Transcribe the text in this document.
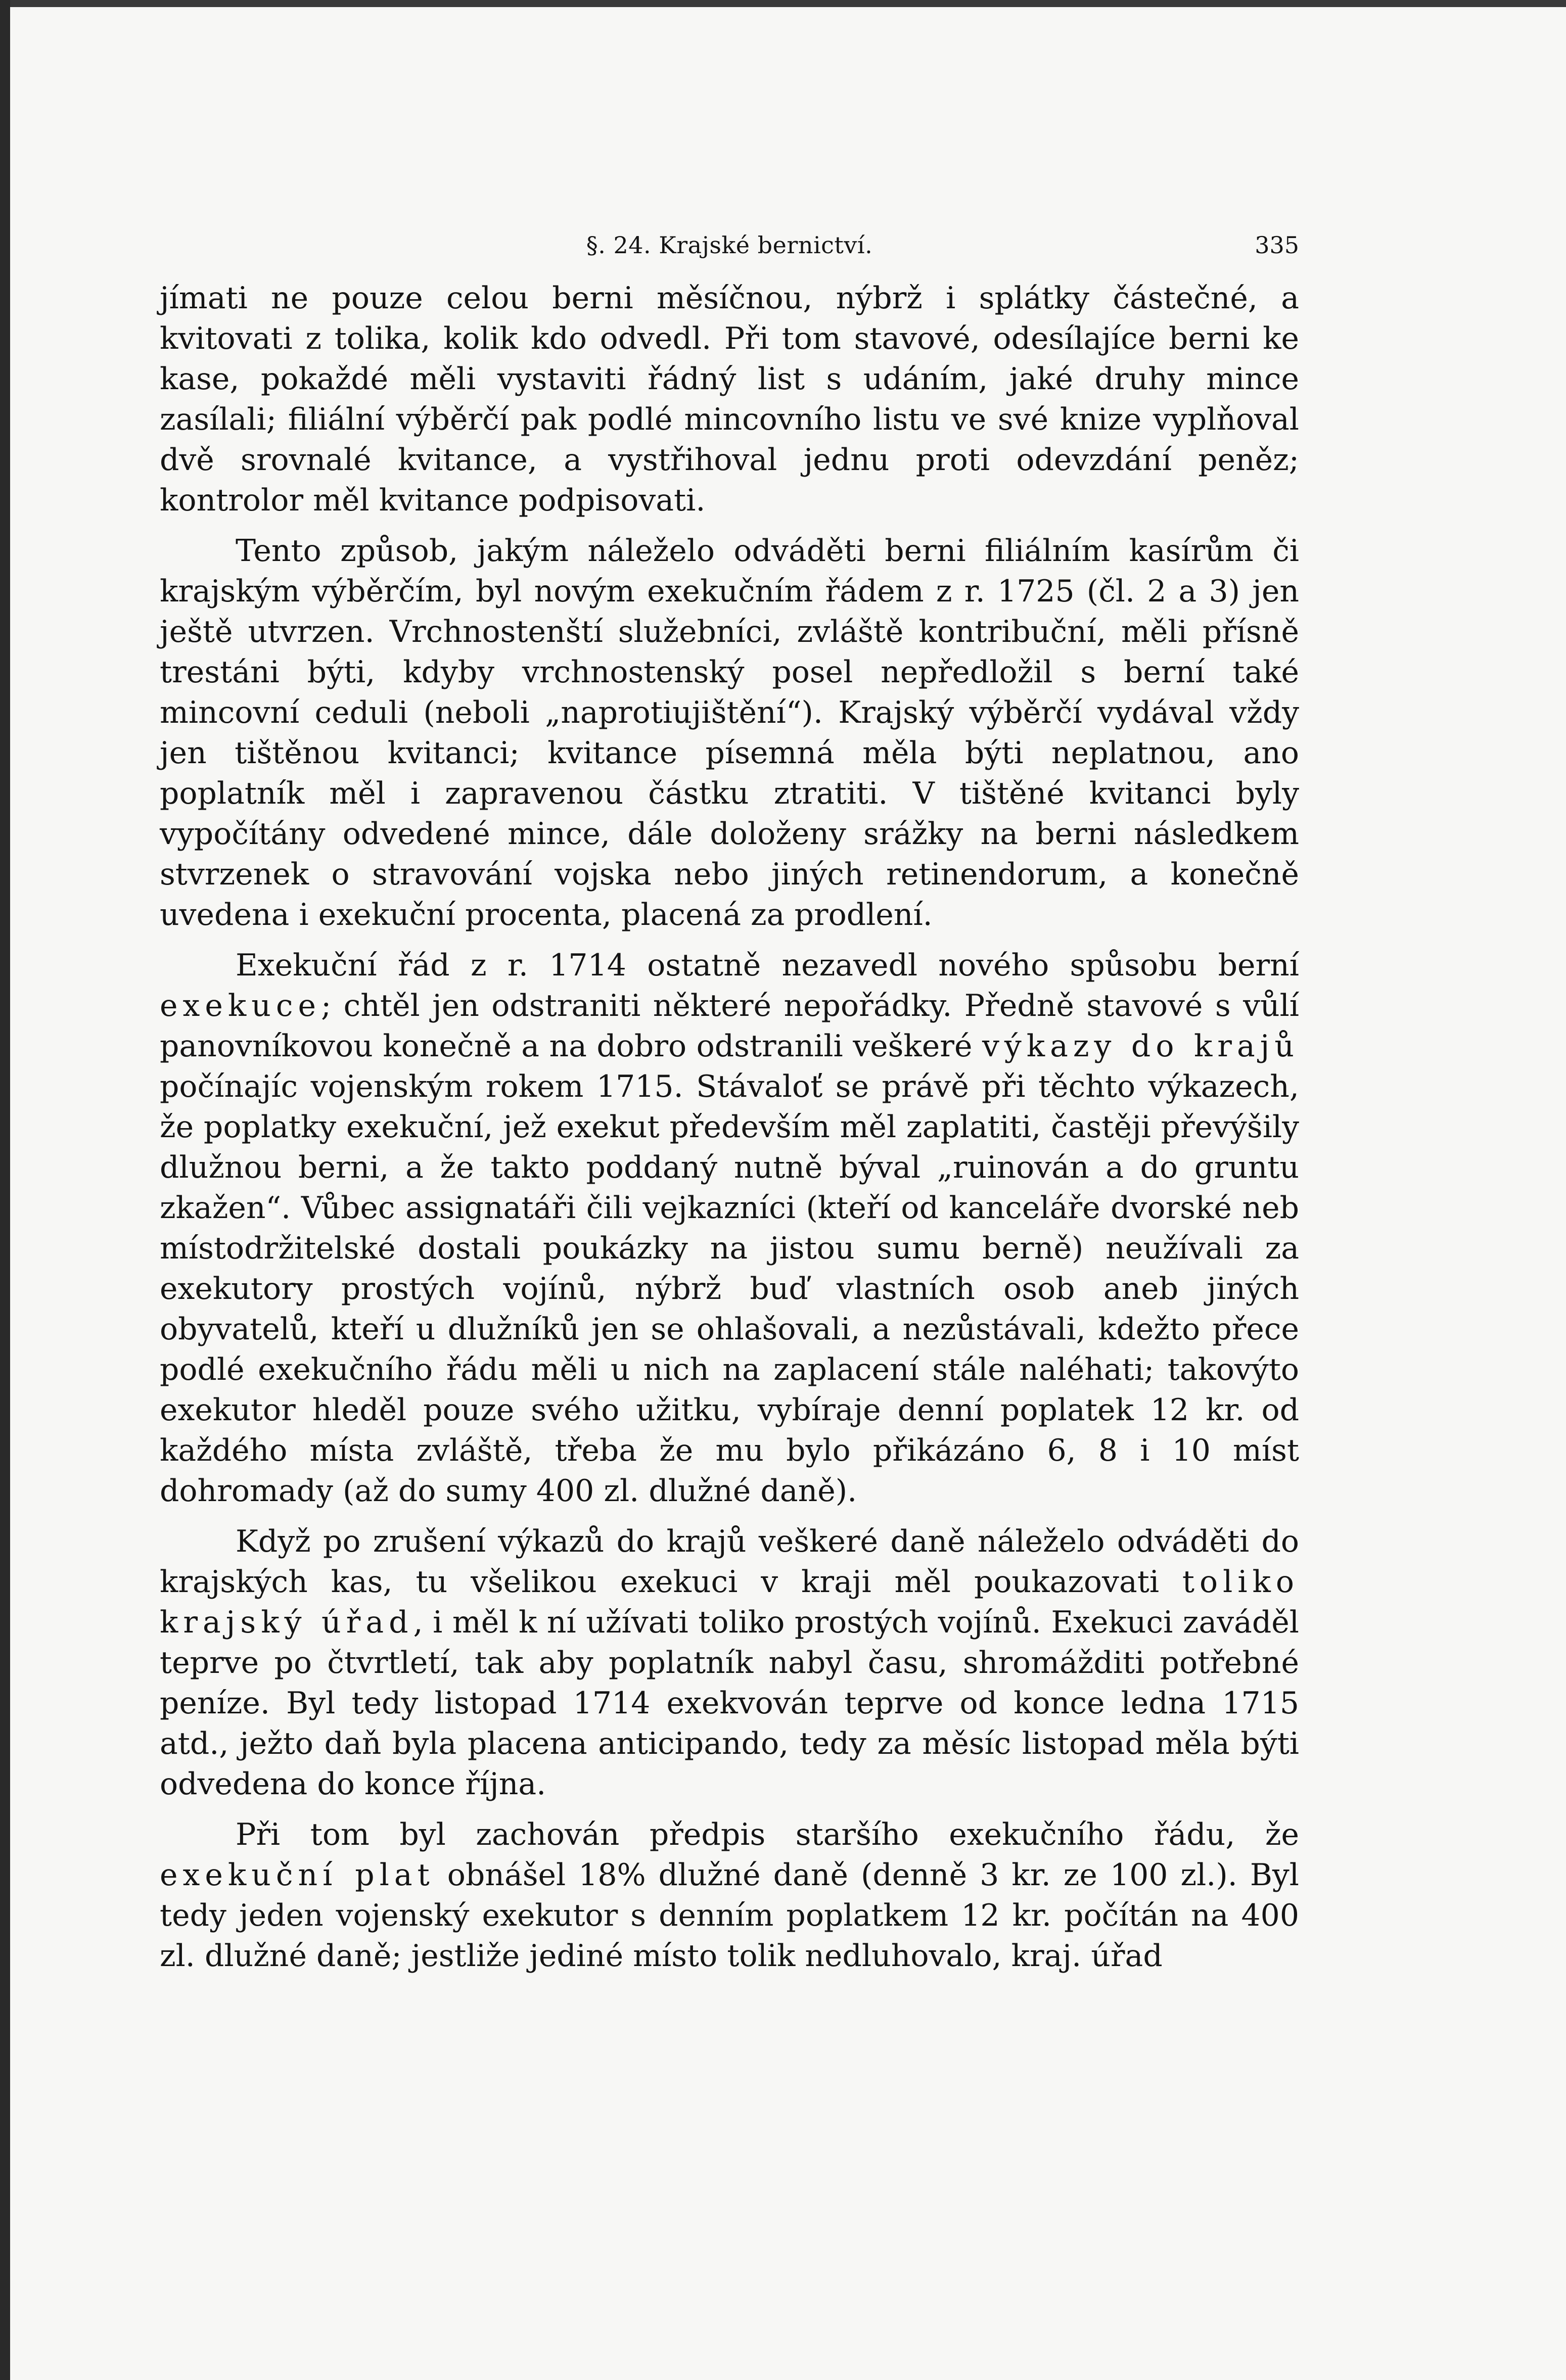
§. 24. Krajské bernictví.	335

jímati ne pouze celou berni měsíčnou, nýbrž i splátky částečné, a kvitovati z tolika, kolik kdo odvedl. Při tom stavové, odesílajíce berni ke kase, pokaždé měli vystaviti řádný list s udáním, jaké druhy mince zasílali; filiální výběrčí pak podlé mincovního listu ve své knize vyplňoval dvě srovnalé kvitance, a vystřihoval jednu proti odevzdání peněz; kontrolor měl kvitance podpisovati.

Tento způsob, jakým náleželo odváděti berni filiálním kasírům či krajským výběrčím, byl novým exekučním řádem z r. 1725 (čl. 2 a 3) jen ještě utvrzen. Vrchnostenští služebníci, zvláště kontribuční, měli přísně trestáni býti, kdyby vrchnostenský posel nepředložil s berní také mincovní ceduli (neboli „naprotiujištění“). Krajský výběrčí vydával vždy jen tištěnou kvitanci; kvitance písemná měla býti neplatnou, ano poplatník měl i zapravenou částku ztratiti. V tištěné kvitanci byly vypočítány odvedené mince, dále doloženy srážky na berni následkem stvrzenek o stravování vojska nebo jiných retinendorum, a konečně uvedena i exekuční procenta, placená za prodlení.

Exekuční řád z r. 1714 ostatně nezavedl nového spůsobu berní exekuce; chtěl jen odstraniti některé nepořádky. Předně stavové s vůlí panovníkovou konečně a na dobro odstranili veškeré výkazy do krajů počínajíc vojenským rokem 1715. Stávaloť se právě při těchto výkazech, že poplatky exekuční, jež exekut především měl zaplatiti, častěji převýšily dlužnou berni, a že takto poddaný nutně býval „ruinován a do gruntu zkažen“. Vůbec assignatáři čili vejkazníci (kteří od kanceláře dvorské neb místodržitelské dostali poukázky na jistou sumu berně) neužívali za exekutory prostých vojínů, nýbrž buď vlastních osob aneb jiných obyvatelů, kteří u dlužníků jen se ohlašovali, a nezůstávali, kdežto přece podlé exekučního řádu měli u nich na zaplacení stále naléhati; takovýto exekutor hleděl pouze svého užitku, vybíraje denní poplatek 12 kr. od každého místa zvláště, třeba že mu bylo přikázáno 6, 8 i 10 míst dohromady (až do sumy 400 zl. dlužné daně).

Když po zrušení výkazů do krajů veškeré daně náleželo odváděti do krajských kas, tu všelikou exekuci v kraji měl poukazovati toliko krajský úřad, i měl k ní užívati toliko prostých vojínů. Exekuci zaváděl teprve po čtvrtletí, tak aby poplatník nabyl času, shromážditi potřebné peníze. Byl tedy listopad 1714 exekvován teprve od konce ledna 1715 atd., ježto daň byla placena anticipando, tedy za měsíc listopad měla býti odvedena do konce října.

Při tom byl zachován předpis staršího exekučního řádu, že exekuční plat obnášel 18% dlužné daně (denně 3 kr. ze 100 zl.). Byl tedy jeden vojenský exekutor s denním poplatkem 12 kr. počítán na 400 zl. dlužné daně; jestliže jediné místo tolik nedluhovalo, kraj. úřad
